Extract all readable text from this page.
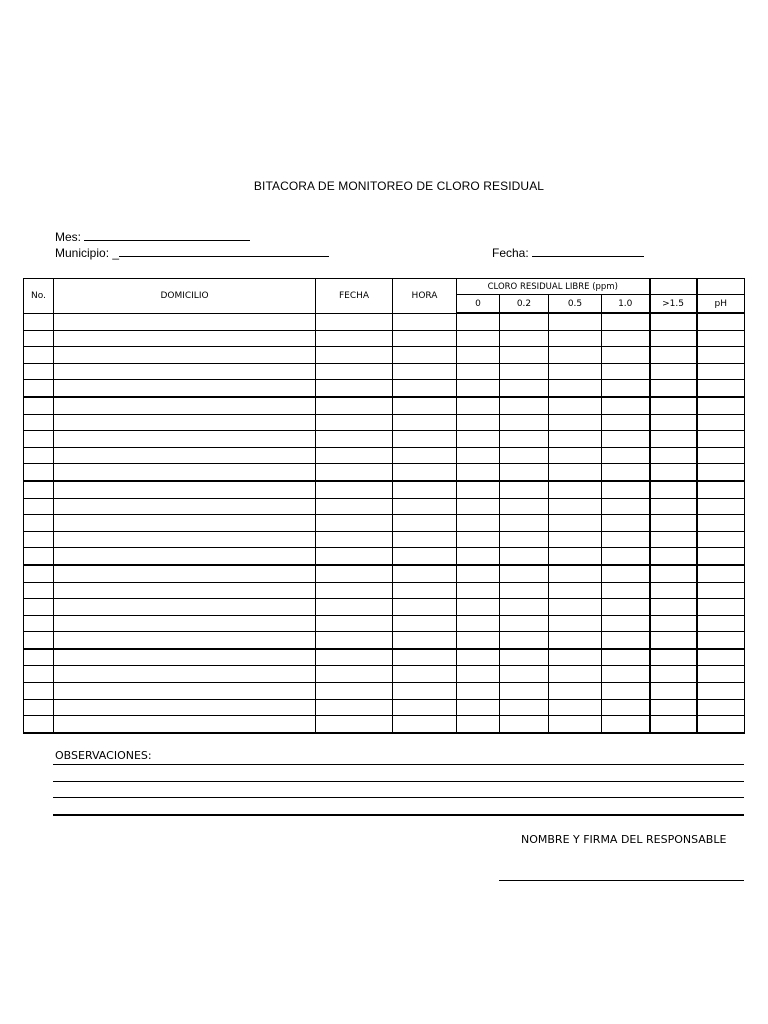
BITACORA DE MONITOREO DE CLORO RESIDUAL
Mes:
Municipio: _	Fecha:
No.	DOMICILIO	FECHA	HORA	CLORO RESIDUAL LIBRE (ppm)					
				0	0.2	0.5	1.0	>1.5	pH

OBSERVACIONES:
NOMBRE Y FIRMA DEL RESPONSABLE
